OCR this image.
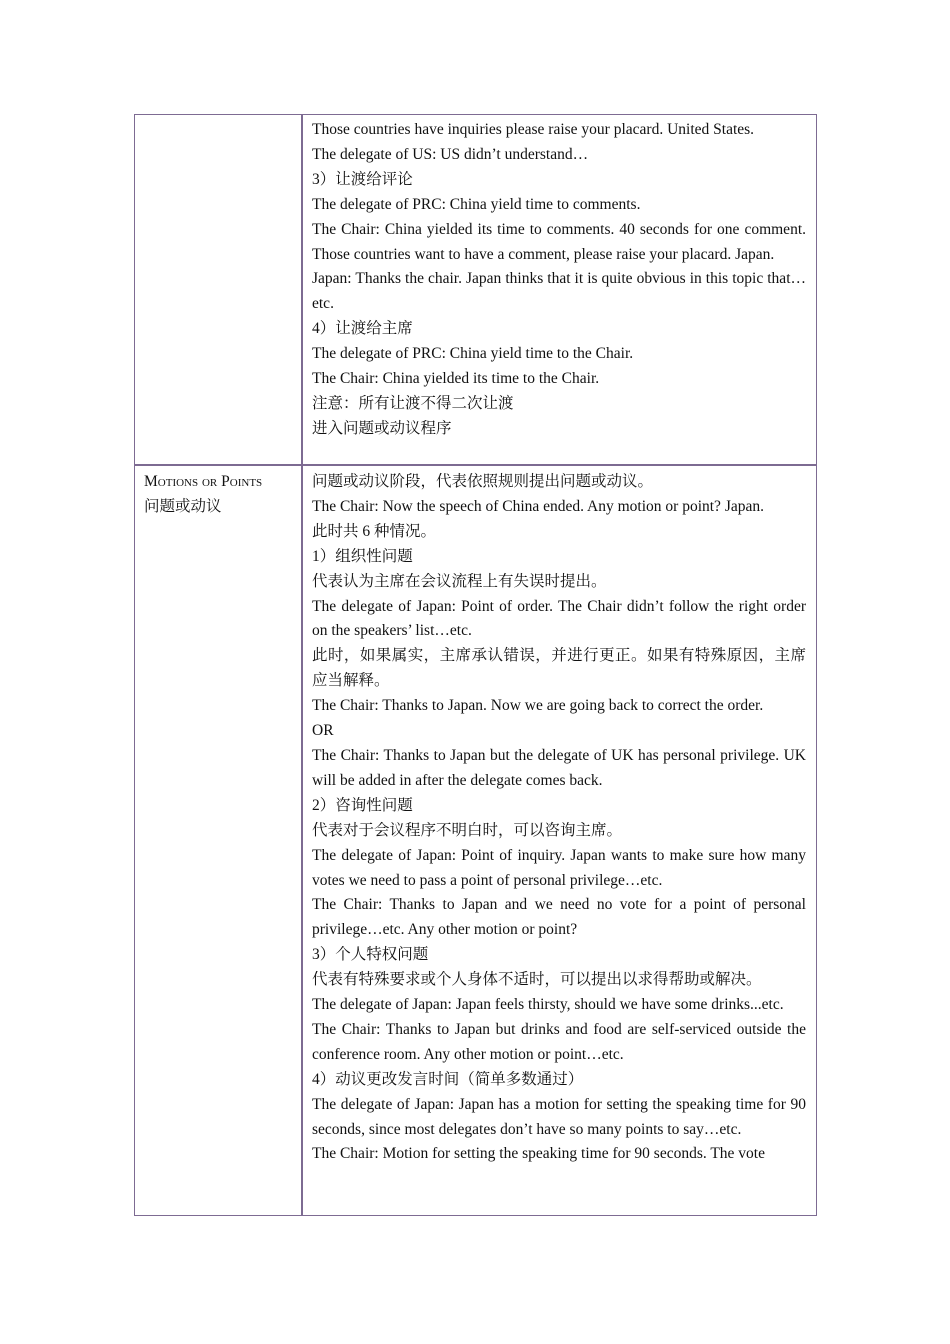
Those countries have inquiries please raise your placard. United States.

The delegate of US: US didn’t understand…

3）让渡给评论

The delegate of PRC: China yield time to comments.

The Chair: China yielded its time to comments. 40 seconds for one comment. Those countries want to have a comment, please raise your placard. Japan.

Japan: Thanks the chair. Japan thinks that it is quite obvious in this topic that…etc.

4）让渡给主席

The delegate of PRC: China yield time to the Chair.

The Chair: China yielded its time to the Chair.

注意：所有让渡不得二次让渡

进入问题或动议程序

Motions or Points
问题或动议

问题或动议阶段，代表依照规则提出问题或动议。

The Chair: Now the speech of China ended. Any motion or point? Japan.

此时共 6 种情况。

1）组织性问题

代表认为主席在会议流程上有失误时提出。

The delegate of Japan: Point of order. The Chair didn’t follow the right order on the speakers’ list…etc.

此时，如果属实，主席承认错误，并进行更正。如果有特殊原因，主席应当解释。

The Chair: Thanks to Japan. Now we are going back to correct the order.

OR

The Chair: Thanks to Japan but the delegate of UK has personal privilege. UK will be added in after the delegate comes back.

2）咨询性问题

代表对于会议程序不明白时，可以咨询主席。

The delegate of Japan: Point of inquiry. Japan wants to make sure how many votes we need to pass a point of personal privilege…etc.

The Chair: Thanks to Japan and we need no vote for a point of personal privilege…etc. Any other motion or point?

3）个人特权问题

代表有特殊要求或个人身体不适时，可以提出以求得帮助或解决。

The delegate of Japan: Japan feels thirsty, should we have some drinks...etc.

The Chair: Thanks to Japan but drinks and food are self-serviced outside the conference room. Any other motion or point…etc.

4）动议更改发言时间（简单多数通过）

The delegate of Japan: Japan has a motion for setting the speaking time for 90 seconds, since most delegates don’t have so many points to say…etc.

The Chair: Motion for setting the speaking time for 90 seconds. The vote
